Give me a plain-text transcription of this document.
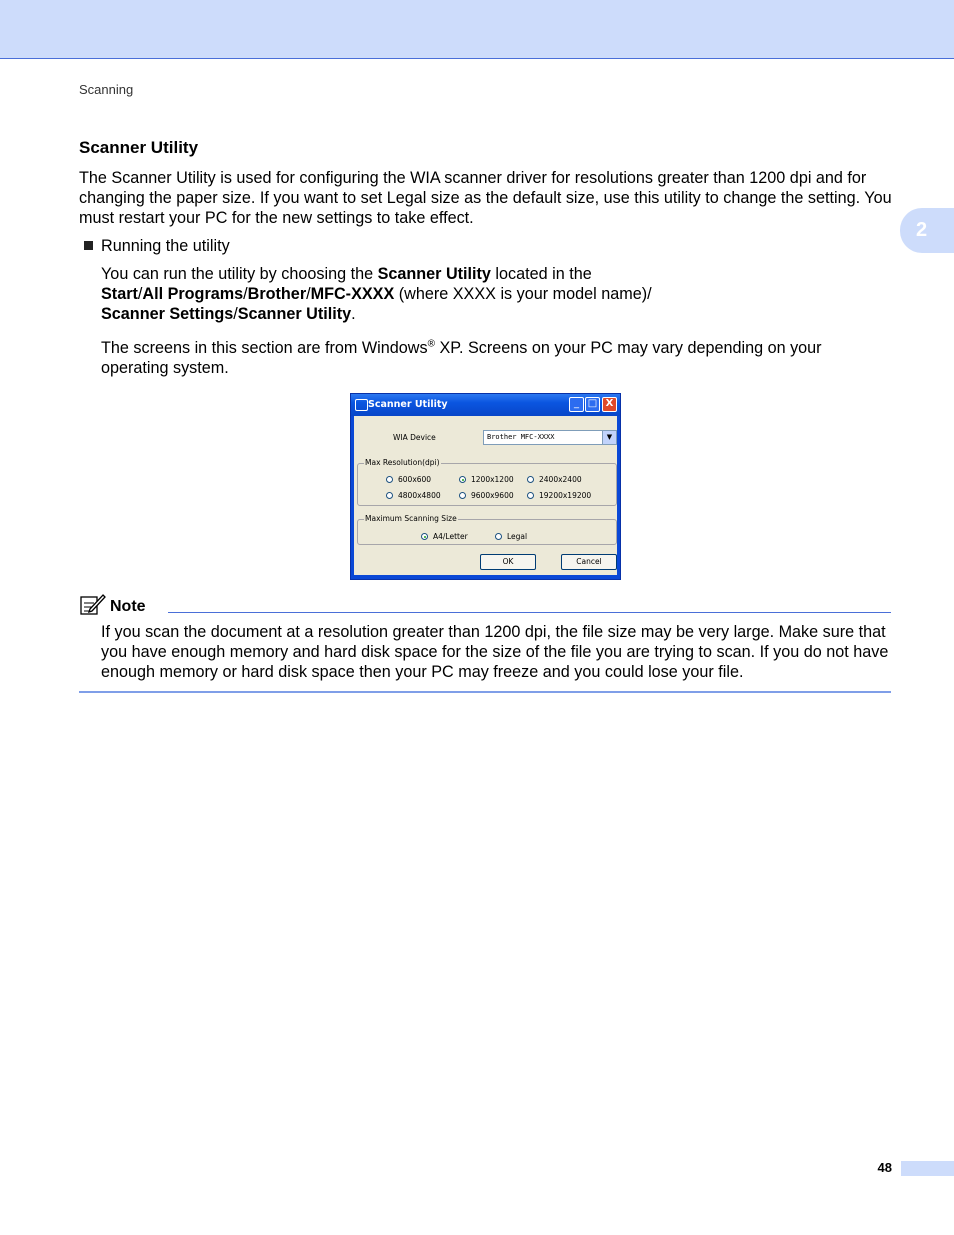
Scanning
2
Scanner Utility
The Scanner Utility is used for configuring the WIA scanner driver for resolutions greater than 1200 dpi and for changing the paper size. If you want to set Legal size as the default size, use this utility to change the setting. You must restart your PC for the new settings to take effect.
Running the utility
You can run the utility by choosing the Scanner Utility located in the
Start/All Programs/Brother/MFC-XXXX (where XXXX is your model name)/
Scanner Settings/Scanner Utility.
The screens in this section are from Windows® XP. Screens on your PC may vary depending on your operating system.
Scanner Utility	_ □ X
WIA Device	Brother MFC-XXXX	▼
Max Resolution(dpi)
600x600	1200x1200	2400x2400
4800x4800	9600x9600	19200x19200
Maximum Scanning Size
A4/Letter	Legal
OK	Cancel
Note
If you scan the document at a resolution greater than 1200 dpi, the file size may be very large. Make sure that you have enough memory and hard disk space for the size of the file you are trying to scan. If you do not have enough memory or hard disk space then your PC may freeze and you could lose your file.
48
